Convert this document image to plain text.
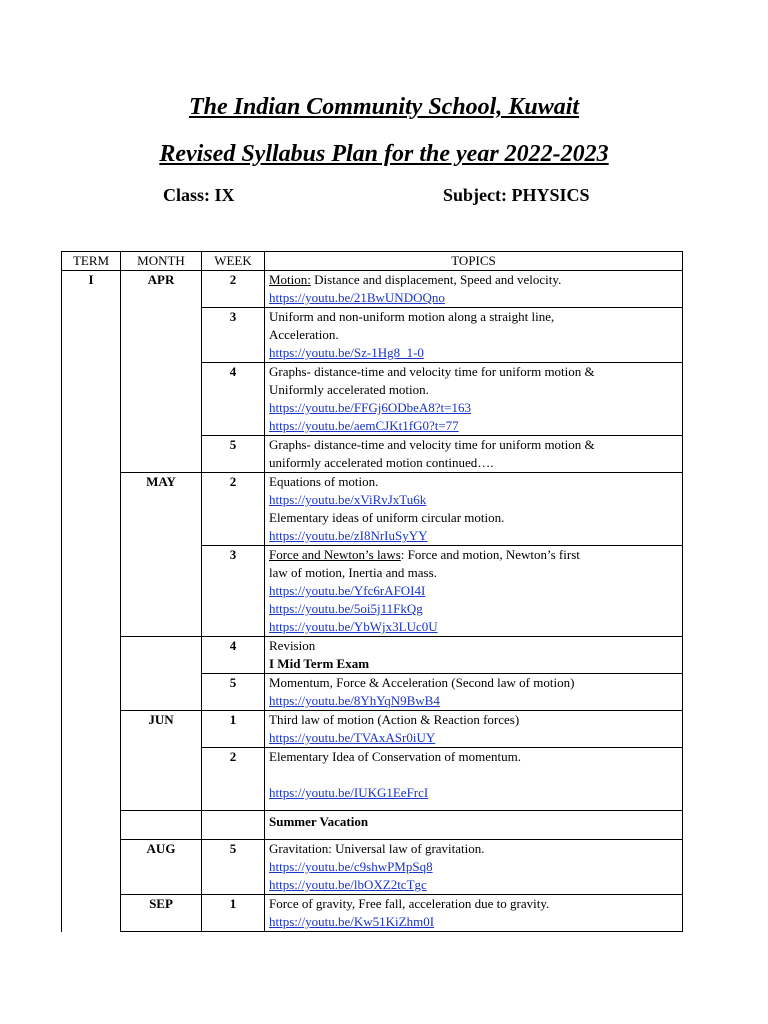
The Indian Community School, Kuwait
Revised Syllabus Plan for the year 2022-2023
Class: IX	Subject: PHYSICS
TERM	MONTH	WEEK	TOPICS
I	APR	2	Motion: Distance and displacement, Speed and velocity.
https://youtu.be/21BwUNDOQno

		3	Uniform and non-uniform motion along a straight line,
Acceleration.
https://youtu.be/Sz-1Hg8_1-0

		4	Graphs- distance-time and velocity time for uniform motion &
Uniformly accelerated motion.
https://youtu.be/FFGj6ODbeA8?t=163
https://youtu.be/aemCJKt1fG0?t=77

		5	Graphs- distance-time and velocity time for uniform motion &
uniformly accelerated motion continued….

	MAY	2	Equations of motion.
https://youtu.be/xViRvJxTu6k
Elementary ideas of uniform circular motion.
https://youtu.be/zI8NrIuSyYY

		3	Force and Newton’s laws: Force and motion, Newton’s first
law of motion, Inertia and mass.
https://youtu.be/Yfc6rAFOI4I
https://youtu.be/5oi5j11FkQg
https://youtu.be/YbWjx3LUc0U

		4	Revision
I Mid Term Exam

		5	Momentum, Force & Acceleration (Second law of motion)
https://youtu.be/8YhYqN9BwB4

	JUN	1	Third law of motion (Action & Reaction forces)
https://youtu.be/TVAxASr0iUY

		2	Elementary Idea of Conservation of momentum.
https://youtu.be/IUKG1EeFrcI

			Summer Vacation

	AUG	5	Gravitation: Universal law of gravitation.
https://youtu.be/c9shwPMpSq8
https://youtu.be/lbOXZ2tcTgc

	SEP	1	Force of gravity, Free fall, acceleration due to gravity.
https://youtu.be/Kw51KiZhm0I
